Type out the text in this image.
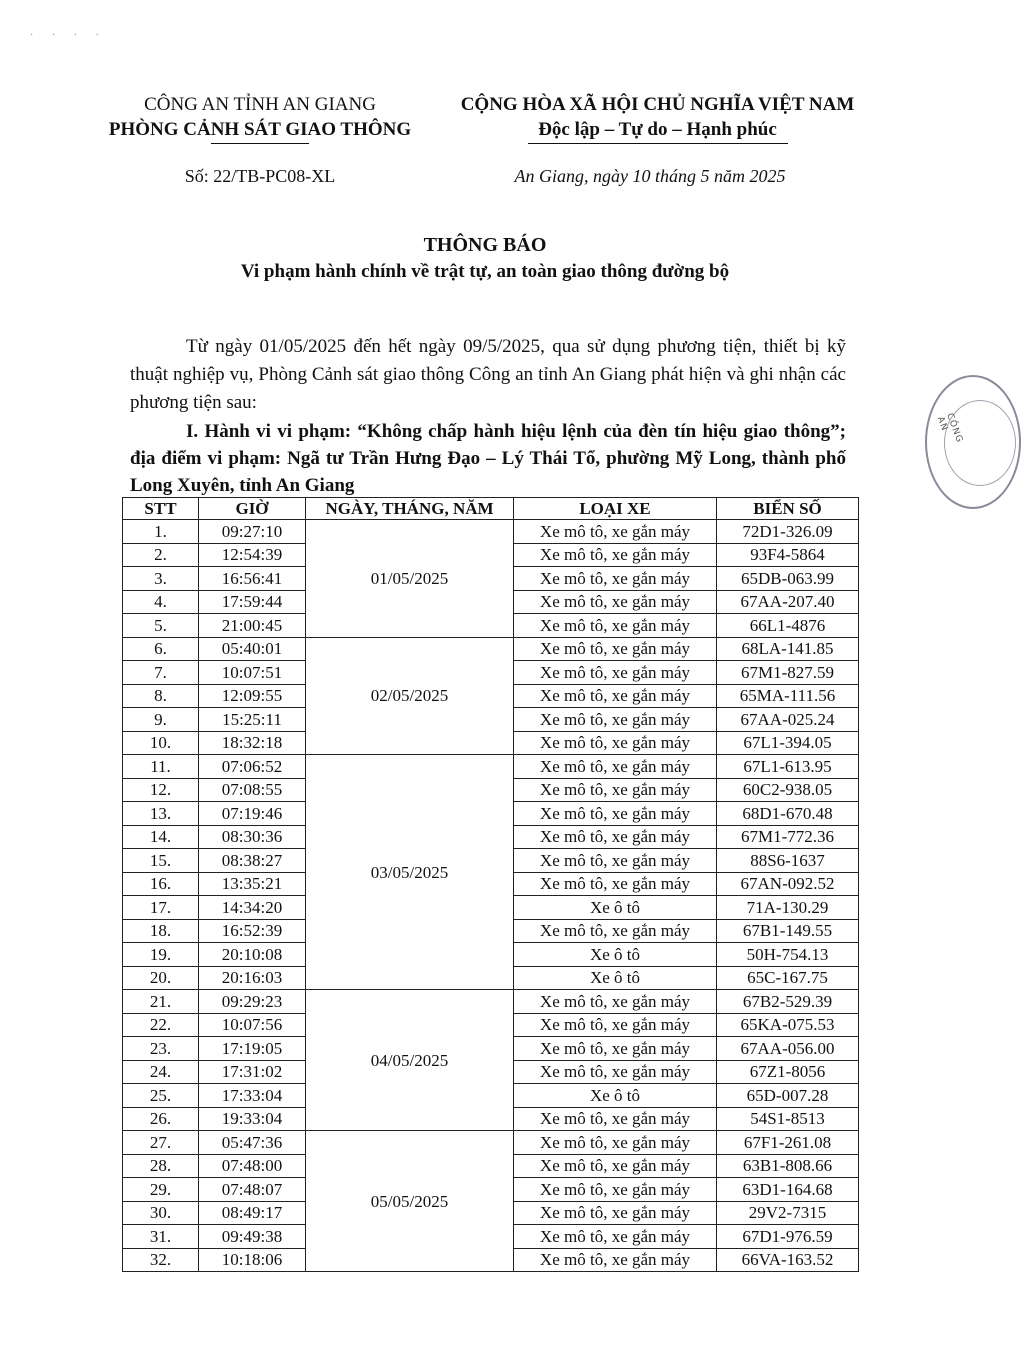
· · · ·
CÔNG AN TỈNH AN GIANG
PHÒNG CẢNH SÁT GIAO THÔNG
CỘNG HÒA XÃ HỘI CHỦ NGHĨA VIỆT NAM
Độc lập – Tự do – Hạnh phúc
Số: 22/TB-PC08-XL	An Giang, ngày 10 tháng 5 năm 2025
THÔNG BÁO
Vi phạm hành chính về trật tự, an toàn giao thông đường bộ
Từ ngày 01/05/2025 đến hết ngày 09/5/2025, qua sử dụng phương tiện, thiết bị kỹ thuật nghiệp vụ, Phòng Cảnh sát giao thông Công an tỉnh An Giang phát hiện và ghi nhận các phương tiện sau:
I. Hành vi vi phạm: “Không chấp hành hiệu lệnh của đèn tín hiệu giao thông”; địa điểm vi phạm: Ngã tư Trần Hưng Đạo – Lý Thái Tổ, phường Mỹ Long, thành phố Long Xuyên, tỉnh An Giang
CÔNG AN
STT	GIỜ	NGÀY, THÁNG, NĂM	LOẠI XE	BIỂN SỐ
1.	09:27:10	01/05/2025	Xe mô tô, xe gắn máy	72D1-326.09
2.	12:54:39		Xe mô tô, xe gắn máy	93F4-5864
3.	16:56:41		Xe mô tô, xe gắn máy	65DB-063.99
4.	17:59:44		Xe mô tô, xe gắn máy	67AA-207.40
5.	21:00:45		Xe mô tô, xe gắn máy	66L1-4876
6.	05:40:01	02/05/2025	Xe mô tô, xe gắn máy	68LA-141.85
7.	10:07:51		Xe mô tô, xe gắn máy	67M1-827.59
8.	12:09:55		Xe mô tô, xe gắn máy	65MA-111.56
9.	15:25:11		Xe mô tô, xe gắn máy	67AA-025.24
10.	18:32:18		Xe mô tô, xe gắn máy	67L1-394.05
11.	07:06:52	03/05/2025	Xe mô tô, xe gắn máy	67L1-613.95
12.	07:08:55		Xe mô tô, xe gắn máy	60C2-938.05
13.	07:19:46		Xe mô tô, xe gắn máy	68D1-670.48
14.	08:30:36		Xe mô tô, xe gắn máy	67M1-772.36
15.	08:38:27		Xe mô tô, xe gắn máy	88S6-1637
16.	13:35:21		Xe mô tô, xe gắn máy	67AN-092.52
17.	14:34:20		Xe ô tô	71A-130.29
18.	16:52:39		Xe mô tô, xe gắn máy	67B1-149.55
19.	20:10:08		Xe ô tô	50H-754.13
20.	20:16:03		Xe ô tô	65C-167.75
21.	09:29:23	04/05/2025	Xe mô tô, xe gắn máy	67B2-529.39
22.	10:07:56		Xe mô tô, xe gắn máy	65KA-075.53
23.	17:19:05		Xe mô tô, xe gắn máy	67AA-056.00
24.	17:31:02		Xe mô tô, xe gắn máy	67Z1-8056
25.	17:33:04		Xe ô tô	65D-007.28
26.	19:33:04		Xe mô tô, xe gắn máy	54S1-8513
27.	05:47:36	05/05/2025	Xe mô tô, xe gắn máy	67F1-261.08
28.	07:48:00		Xe mô tô, xe gắn máy	63B1-808.66
29.	07:48:07		Xe mô tô, xe gắn máy	63D1-164.68
30.	08:49:17		Xe mô tô, xe gắn máy	29V2-7315
31.	09:49:38		Xe mô tô, xe gắn máy	67D1-976.59
32.	10:18:06		Xe mô tô, xe gắn máy	66VA-163.52
